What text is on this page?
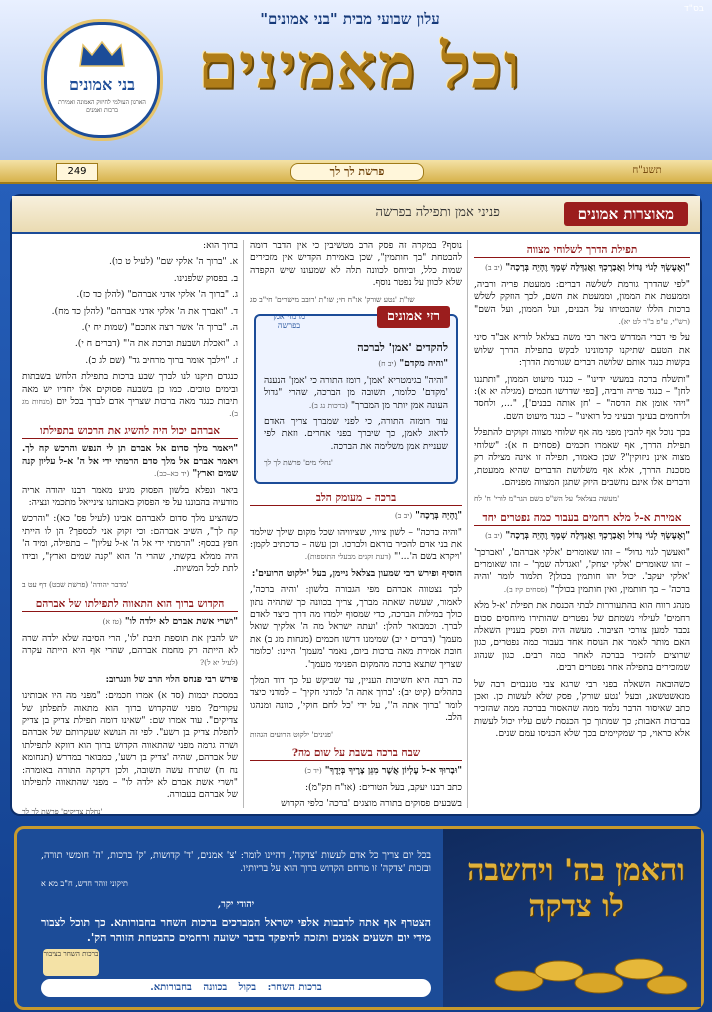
בס"ד
עלון שבועי מבית "בני אמונים"
וכל מאמינים
בני אמונים
הארגון העולמי לחיזוק האמונה ואמירת ברכות ואמנים
249	פרשת לך לך	תשע"ח
מאוצרות אמונים
פניני אמן ותפילה בפרשה
תפילת הדרך לשלוחי מצווה

"וְאֶעֶשְׂךָ לְגוֹי גָּדוֹל וַאֲבָרֶכְךָ וַאֲגַדְּלָה שְׁמֶךָ וֶהְיֵה בְּרָכָה" (יב ב)

"לפי שהדרך גורמת לשלשה דברים: ממעטת פריה ורביה, וממעטת את הממון, וממעטת את השם, לכך הוזקק לשלש ברכות הללו שהבטיחו על הבנים, ועל הממון, ועל השם" (רש"י, ע"פ ב"ר לט יא).

על פי דברי המדרש ביאר רבי משה בצלאל לוריא אב"ד סיני את הטעם שתיקנו קדמונינו לבקש בתפילת הדרך שלוש בקשות כנגד אותם שלושה דברים שגורמת הדרך:

"ותשלח ברכה במעשי ידינו" – כנגד מיעוט הממון, "ותתננו לחן" – כנגד פריה ורביה, [כפי שדרשו חכמים (מגילה יא א): "ויהי אומן את הדסה" – 'חן אותה בבנים'], "..., ולחסד ולרחמים בעינך ובעיני כל רואינו" – כנגד מיעוט השם.

בכך נוכל אף להבין מפני מה אף שלוחי מצווה זקוקים להתפלל תפילת הדרך, אף שאמרו חכמים (פסחים ח א): "שלוחי מצוה אינן ניזוקין"? שכן כאמור, תפילה זו אינה מצילה רק מסכנת הדרך, אלא אף משלושת הדברים שהיא ממעטת, ודברים אלו אינם נחשבים היזק שתגן המצווה מפניהם.

'מעשה בצלאל' על הש"ס בשם הגר"מ לורי' ח' לח

אמירת א-ל מלא רחמים בעבור כמה נפטרים יחד

"וְאֶעֶשְׂךָ לְגוֹי גָּדוֹל וַאֲבָרֶכְךָ וַאֲגַדְּלָה שְׁמֶךָ וֶהְיֵה בְּרָכָה" (יב ב)

"ואעשך לגוי גדול" – זהו שאומרים 'אלקי אברהם', 'ואברכך' – זהו שאומרים 'אלקי יצחק', 'ואגדלה שמך' – זהו שאומרים 'אלקי יעקב'. יכול יהו חותמין בכולן? תלמוד לומר 'והיה ברכה' – בך חותמין, ואין חותמין בכולך" (פסחים קיז ב).

מנהג רווח הוא בהתעוררות לבתי הכנסת את תפילת 'א-ל מלא רחמים' לעילוי נשמתם של נפטרים שהותירו מיוחסים סכום נכבד למען צורכי הציבור. מעשה היה ופסק בעניין השאלה האם מותר לאמר את הנוסח אחד בעבור כמה נפטרים, כגון שרוצים להזכיר בברכה לאחר כמה רבים. כגון שנהוג שמזכירים בתפילה אחר נפטרים רבים.

כשהובאה השאלה בפני רבי שרגא צבי טננבוים רבה של מנאשטשאנ, ובעל 'נטע שורק', פסק שלא לעשות כן. ואכן כתב שאיסור הדבר נלמד ממה שהאסור בברכה ממה שהזכיר בברכות האבות; כך שמתוך כך הכנסת לשם עליו יכול לעשות אלא כראוי, כך שמקיימים בכך שלא הכניסו עמם שנים.

נוסף? במקרה זה פסק הרב מטשיבין כי אין הדבר דומה להבטחת "בך חותמין", שכן באמירת הקדיש אין מזכירים שמות כלל, וביוחס לכוונה תלה לא שמעונו שיש הקפדה שלא לכוון על נפטר נוסף.

שו"ת 'נטע שורק' או"ח חי; שו"ת 'דובב מישרים' חי"ב סג

רזי אמונים
מרמזי אמן בפרשה
להקדים 'אמן' לברכה

"והיה מקדם" (יב ח)

"והיה" בגימטריא 'אמן', רומז התורה כי 'אמן' הנענה 'מקדם' כלומר, תשובה מן הברכה, שהרי "גדול העונה אמן יותר מן המברך" (ברכות נג ב).

עוד רומזה התורה, כי לפני שמברך צריך האדם לדאוג לאמן, כך שיברך בפני אחרים. וזאת לפי שעניית אמן משלימה את הברכה.

'נחלי מים' פרשת לך לך

ברכה – מעומק הלב

"וֶהְיֵה בְּרָכָה" (יב ב)

"והיה ברכה" – לשון ציווי, שציוויהו שכל מקום שילך שילמד את בני אדם להכיר בוראם ולברכו. וכן עשה – כדכתיב לקמן: 'ויקרא בשם ה'...'" (דעת זקנים מבעלי התוספות).

הוסיף ופירש רבי שמעון בצלאל ניימן, בעל 'ילקוט הרועים':

לכך נצטווה אברהם מפי הגבורה בלשון: 'והיה ברכה', לאמור, שעשה שאתה מברך, צריך בכוונה כך שתהיה נתון כולך במילות הברכה, כדי שמסוף ילמדו מה דרך כיצד לאדם לברך. וכמבואר להלן: 'ועתה ישראל מה ה' אלקיך שואל מעמך' (דברים י יב) שמימנו דרשו חכמים (מנחות מג ב) את חובת אמירת מאה ברכות ביום, נאמר 'מעמך' היינו: 'כלומר שצריך שתצא ברכה מהמקום הפנימי מעמך'.

כה רבה היא חשיבות העניין, עד שביקש על כך דוד המלך בתהלים (קיט יב): 'ברוך אתה ה' למדני חקיך' – למדני כיצד לומר 'ברוך אתה ה'', על ידי 'כל לחם חוקי', כוונה ומנהגו הלב.

'פנינים' ילקוט הרועים הגהות

שבח ברכה בשבת על שום מה?

"וּבָרוּךְ א-ל עֶלְיוֹן אֲשֶׁר מִגֵּן צָרֶיךָ בְּיָדֶךָ" (יד כ)

כתב רבנו יעקב, בעל הטורים: (או"ח תק"מ):

בשבעים פסוקים בתורה מוצגים 'ברכה' כלפי הקדוש

ברוך הוא:

א. "ברוך ה' אלקי שם" (לעיל ט כו).
ב. בפסוק שלפנינו.
ג. "ברוך ה' אלקי אדני אברהם" (להלן כד כז).
ד. "ואברך את ה' אלקי אדני אברהם" (להלן כד מח).
ה. "ברוך ה' אשר רצה אתכם" (שמות יח י).
ו. "ואכלת ושבעת וברכת את ה'" (דברים ח י).
ז. "וילבך אומר ברוך מרחיב גד" (שם לג כ).

כנגדם תיקנו לנו לברך שבע ברכות בתפילת הלחש בשבתות ובימים טובים. כמו כן בשבעה פסוקים אלו יחדיו יש מאה תיבות כנגד מאה ברכות שצריך אדם לברך בכל יום (מנחות מג ב).

אברהם יכול היה להשיג את הרכוש בתפילתו

"ויאמר מלך סדום אל אברם תן לי הנפש והרכש קח לך. ויאמר אברם אל מלך סדם הרמתי ידי אל ה' א-ל עליון קנה שמים וארץ" (יד כא–כב).

ביאר ונפלא בלשון הפסוק מגיע מאמר רבנו יהודה אריה מודעיה בהבוננו על פי הפסוק באבותנו צינייאל מתכמי ונציה:

כשהציע מלך סדום לאברהם אבינו (לעיל פס' כא): "והרכש קח לך", השיב אברהם: וכי זקוק אני לכספך? הן לו הייתי חפץ בכסף: "הרמתי ידי אל ה' א-ל עליון" – בתפילה, ומיד ה' היה ממלא בקשתי, שהרי ה' הוא "קנה שמים וארץ", ובידו לתת לכל המשיות.

'מדבר יהודה' (פרשת שבט) דף עט ב

הקדוש ברוך הוא התאווה לתפילתו של אברהם

"ושרי אשת אברם לא ילדה לו" (טז א)

יש להבין את תוספת תיבת 'לו', הרי הסיבה שלא ילדה שרה לא הייתה רק מחמת אברהם, שהרי אף היא הייתה עקרה (לעיל יא ל)?

פירש רבי פנחס הלוי הרב של וונגרוב:

במסכת יבמות (סד א) אמרו חכמים: "מפני מה היו אבותינו עקורים? מפני שהקדוש ברוך הוא מתאוה לתפלתן של צדיקים". עוד אמרו שם: "שאינו דומה תפילת צדיק בן צדיק לתפלת צדיק בן רשע". לפי זה הנושא שעקרותם של אברהם ושרה גרמה מפני שהתאווה הקדוש ברוך הוא דווקא לתפילתו של אברהם, שהיה 'צדיק בן רשע', כמבואר במדרש (תנחומא נח ח) שתרח עשה תשובה, ולכן דקדקה התורה באומרה: "ושרי אשת אברם לא ילדה לו" – מפני שהתאווה לתפילתו של אברהם בעבורה.

'נחלת צדיקים' פרשת לך לך

והאמן בה' ויחשבה לו צדקה

בכל יום צריך כל אדם לעשות 'צדקה', דהיינו לומר: 'צ' אמנים, 'ד' קדושות, 'ק' ברכות, 'ה' חומשי תורה, ובזכות 'צדקה' זו מרחם הקדוש ברוך הוא על בריותיו.

תיקוני זוהר חדש, ח"ב מא א

יהודי יקר,

הצטרף אף אתה לרבבות אלפי ישראל המברכים ברכות השחר בחבורותא. כך תוכל לצבור מידי יום תשעים אמנים ותזכה להיפקד בדבר ישועה ורחמים כהבטחת הזוהר הק'.

ברכות השחר בציבור
ברכות השחר: בקול בכוונה בחבורותא.
